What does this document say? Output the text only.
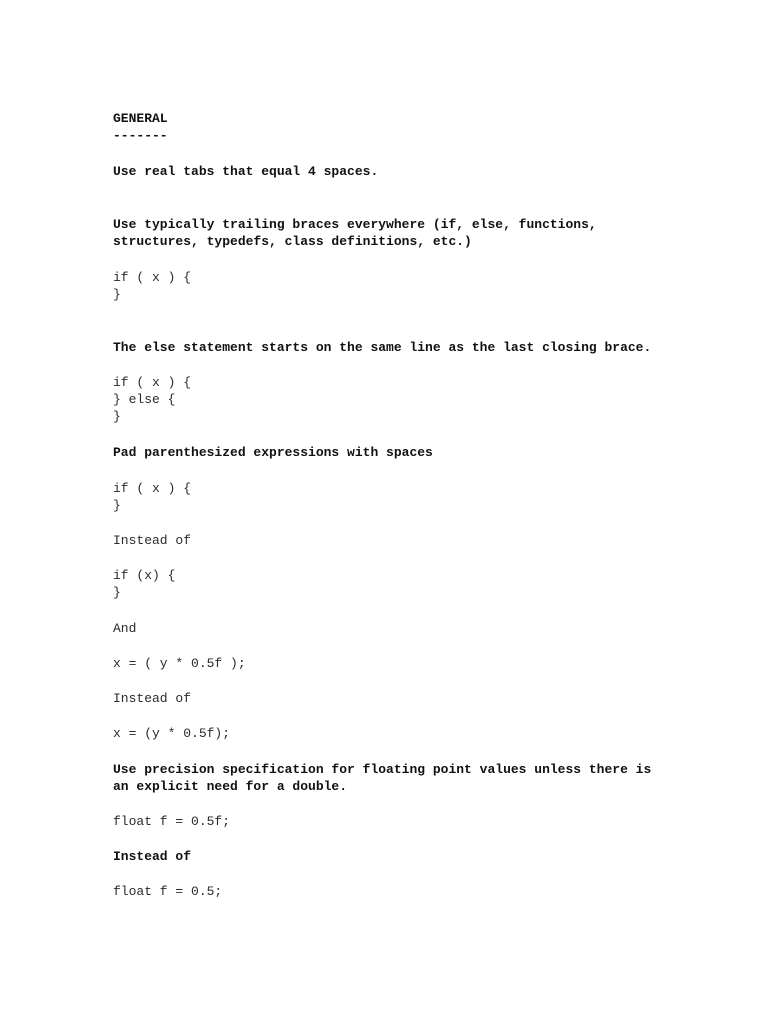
GENERAL
-------
Use real tabs that equal 4 spaces.
Use typically trailing braces everywhere (if, else, functions,
structures, typedefs, class definitions, etc.)
if ( x ) {
}
The else statement starts on the same line as the last closing brace.
if ( x ) {
} else {
}
Pad parenthesized expressions with spaces
if ( x ) {
}
Instead of
if (x) {
}
And
x = ( y * 0.5f );
Instead of
x = (y * 0.5f);
Use precision specification for floating point values unless there is
an explicit need for a double.
float f = 0.5f;
Instead of
float f = 0.5;
